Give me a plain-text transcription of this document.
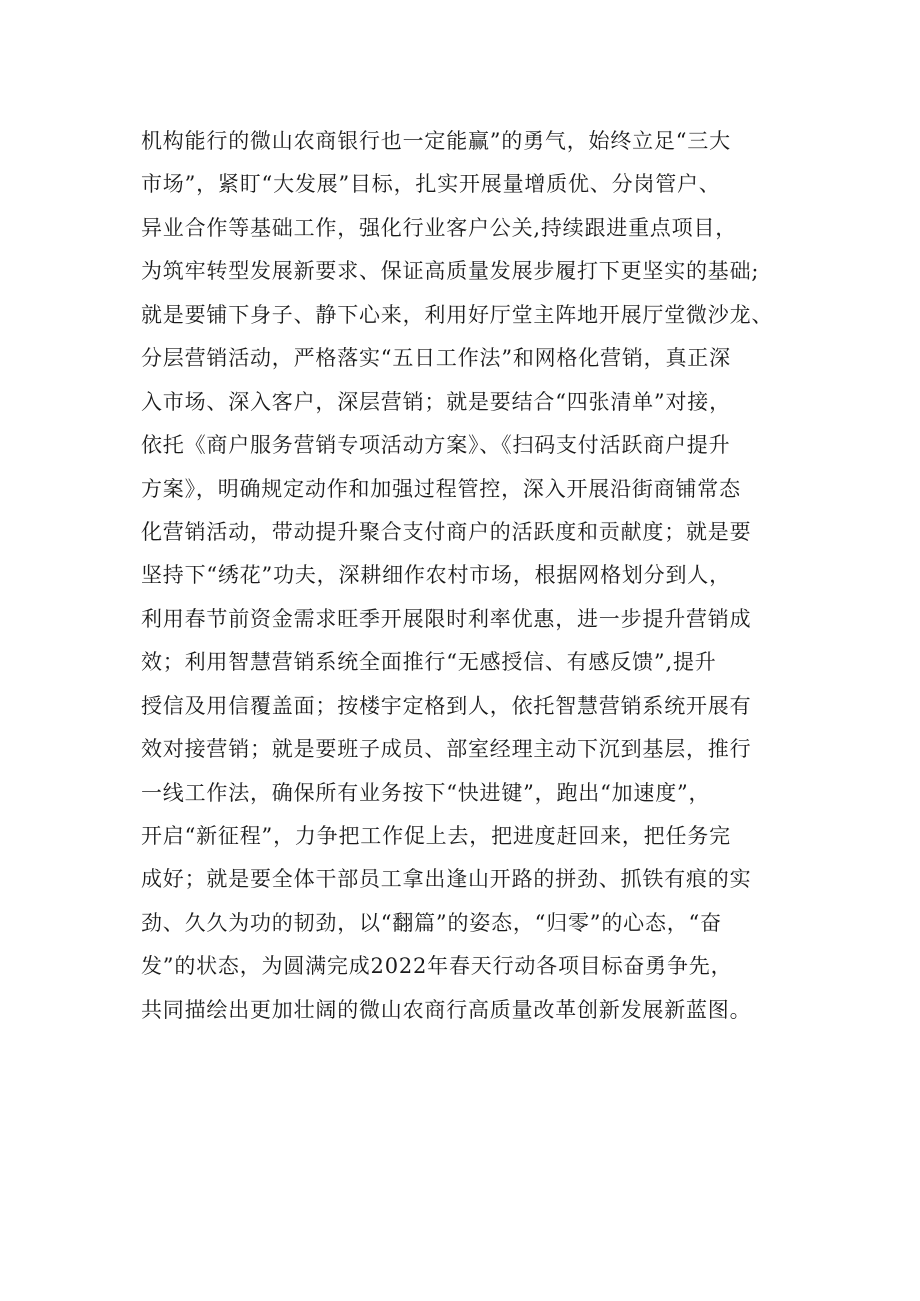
机构能行的微山农商银行也一定能赢”的勇气，始终立足“三大
市场”，紧盯“大发展”目标，扎实开展量增质优、分岗管户、
异业合作等基础工作，强化行业客户公关,持续跟进重点项目，
为筑牢转型发展新要求、保证高质量发展步履打下更坚实的基础;
就是要铺下身子、静下心来，利用好厅堂主阵地开展厅堂微沙龙、
分层营销活动，严格落实“五日工作法”和网格化营销，真正深
入市场、深入客户，深层营销；就是要结合“四张清单”对接，
依托《商户服务营销专项活动方案》、《扫码支付活跃商户提升
方案》，明确规定动作和加强过程管控，深入开展沿街商铺常态
化营销活动，带动提升聚合支付商户的活跃度和贡献度；就是要
坚持下“绣花”功夫，深耕细作农村市场，根据网格划分到人，
利用春节前资金需求旺季开展限时利率优惠，进一步提升营销成
效；利用智慧营销系统全面推行“无感授信、有感反馈”,提升
授信及用信覆盖面；按楼宇定格到人，依托智慧营销系统开展有
效对接营销；就是要班子成员、部室经理主动下沉到基层，推行
一线工作法，确保所有业务按下“快进键”，跑出“加速度”，
开启“新征程”，力争把工作促上去，把进度赶回来，把任务完
成好；就是要全体干部员工拿出逢山开路的拼劲、抓铁有痕的实
劲、久久为功的韧劲，以“翻篇”的姿态，“归零”的心态，“奋
发”的状态，为圆满完成2022年春天行动各项目标奋勇争先，
共同描绘出更加壮阔的微山农商行高质量改革创新发展新蓝图。
